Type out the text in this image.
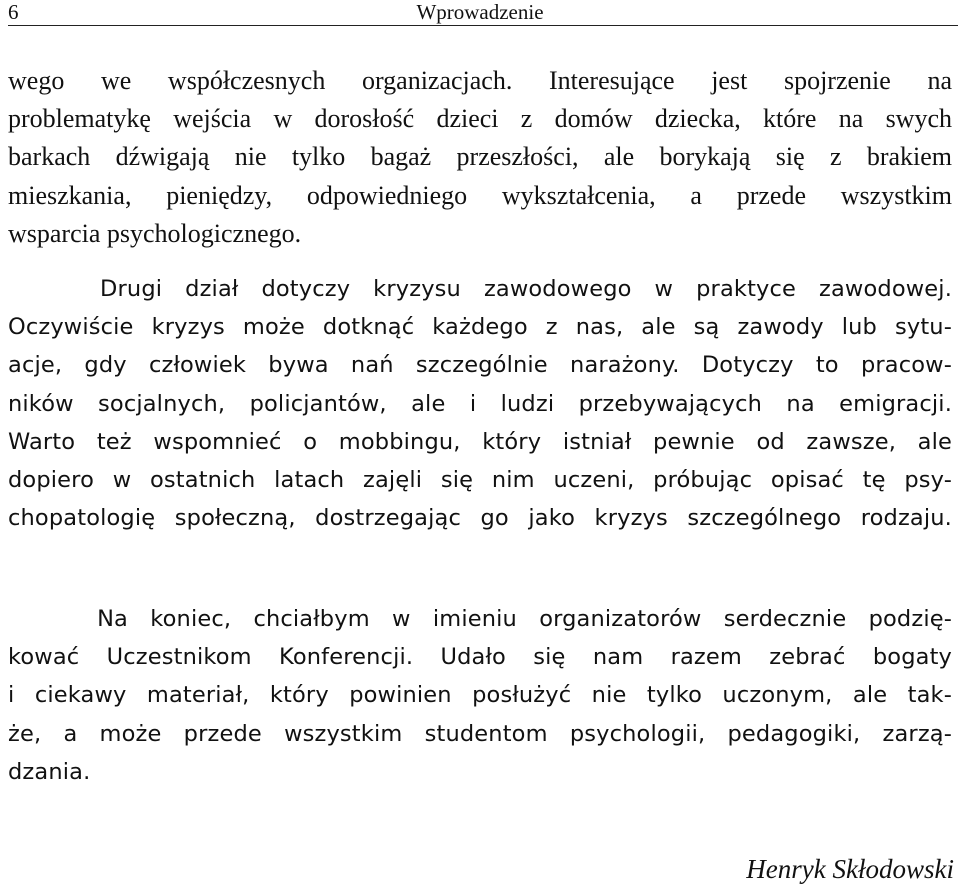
6	Wprowadzenie

wego we współczesnych organizacjach. Interesujące jest spojrzenie na
problematykę wejścia w dorosłość dzieci z domów dziecka, które na swych
barkach dźwigają nie tylko bagaż przeszłości, ale borykają się z brakiem
mieszkania, pieniędzy, odpowiedniego wykształcenia, a przede wszystkim
wsparcia psychologicznego.

Drugi dział dotyczy kryzysu zawodowego w praktyce zawodowej.
Oczywiście kryzys może dotknąć każdego z nas, ale są zawody lub sytu-
acje, gdy człowiek bywa nań szczególnie narażony. Dotyczy to pracow-
ników socjalnych, policjantów, ale i ludzi przebywających na emigracji.
Warto też wspomnieć o mobbingu, który istniał pewnie od zawsze, ale
dopiero w ostatnich latach zajęli się nim uczeni, próbując opisać tę psy-
chopatologię społeczną, dostrzegając go jako kryzys szczególnego rodzaju.

Na koniec, chciałbym w imieniu organizatorów serdecznie podzię-
kować Uczestnikom Konferencji. Udało się nam razem zebrać bogaty
i ciekawy materiał, który powinien posłużyć nie tylko uczonym, ale tak-
że, a może przede wszystkim studentom psychologii, pedagogiki, zarzą-
dzania.

Henryk Skłodowski
